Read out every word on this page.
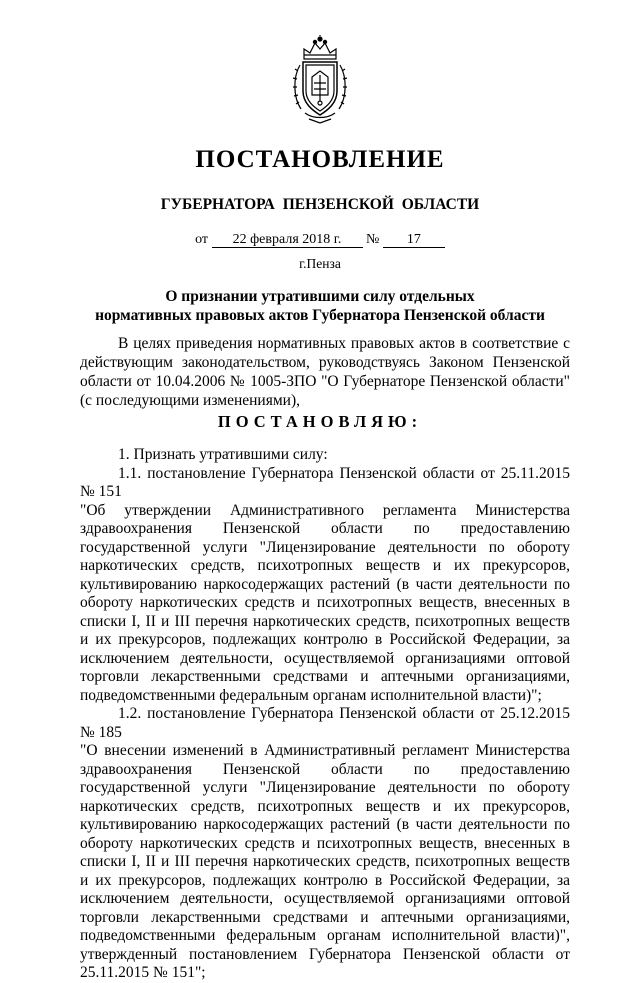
ПОСТАНОВЛЕНИЕ
ГУБЕРНАТОРА ПЕНЗЕНСКОЙ ОБЛАСТИ
от 22 февраля 2018 г. № 17
г.Пенза
О признании утратившими силу отдельных
нормативных правовых актов Губернатора Пензенской области
В целях приведения нормативных правовых актов в соответствие с действующим законодательством, руководствуясь Законом Пензенской области от 10.04.2006 № 1005-ЗПО "О Губернаторе Пензенской области" (с последующими изменениями),
ПОСТАНОВЛЯЮ:

1. Признать утратившими силу:

1.1. постановление Губернатора Пензенской области от 25.11.2015 № 151

"Об утверждении Административного регламента Министерства здравоохранения Пензенской области по предоставлению государственной услуги "Лицензирование деятельности по обороту наркотических средств, психотропных веществ и их прекурсоров, культивированию наркосодержащих растений (в части деятельности по обороту наркотических средств и психотропных веществ, внесенных в списки I, II и III перечня наркотических средств, психотропных веществ и их прекурсоров, подлежащих контролю в Российской Федерации, за исключением деятельности, осуществляемой организациями оптовой торговли лекарственными средствами и аптечными организациями, подведомственными федеральным органам исполнительной власти)";

1.2. постановление Губернатора Пензенской области от 25.12.2015 № 185

"О внесении изменений в Административный регламент Министерства здравоохранения Пензенской области по предоставлению государственной услуги "Лицензирование деятельности по обороту наркотических средств, психотропных веществ и их прекурсоров, культивированию наркосодержащих растений (в части деятельности по обороту наркотических средств и психотропных веществ, внесенных в списки I, II и III перечня наркотических средств, психотропных веществ и их прекурсоров, подлежащих контролю в Российской Федерации, за исключением деятельности, осуществляемой организациями оптовой торговли лекарственными средствами и аптечными организациями, подведомственными федеральным органам исполнительной власти)", утвержденный постановлением Губернатора Пензенской области от 25.11.2015 № 151";
